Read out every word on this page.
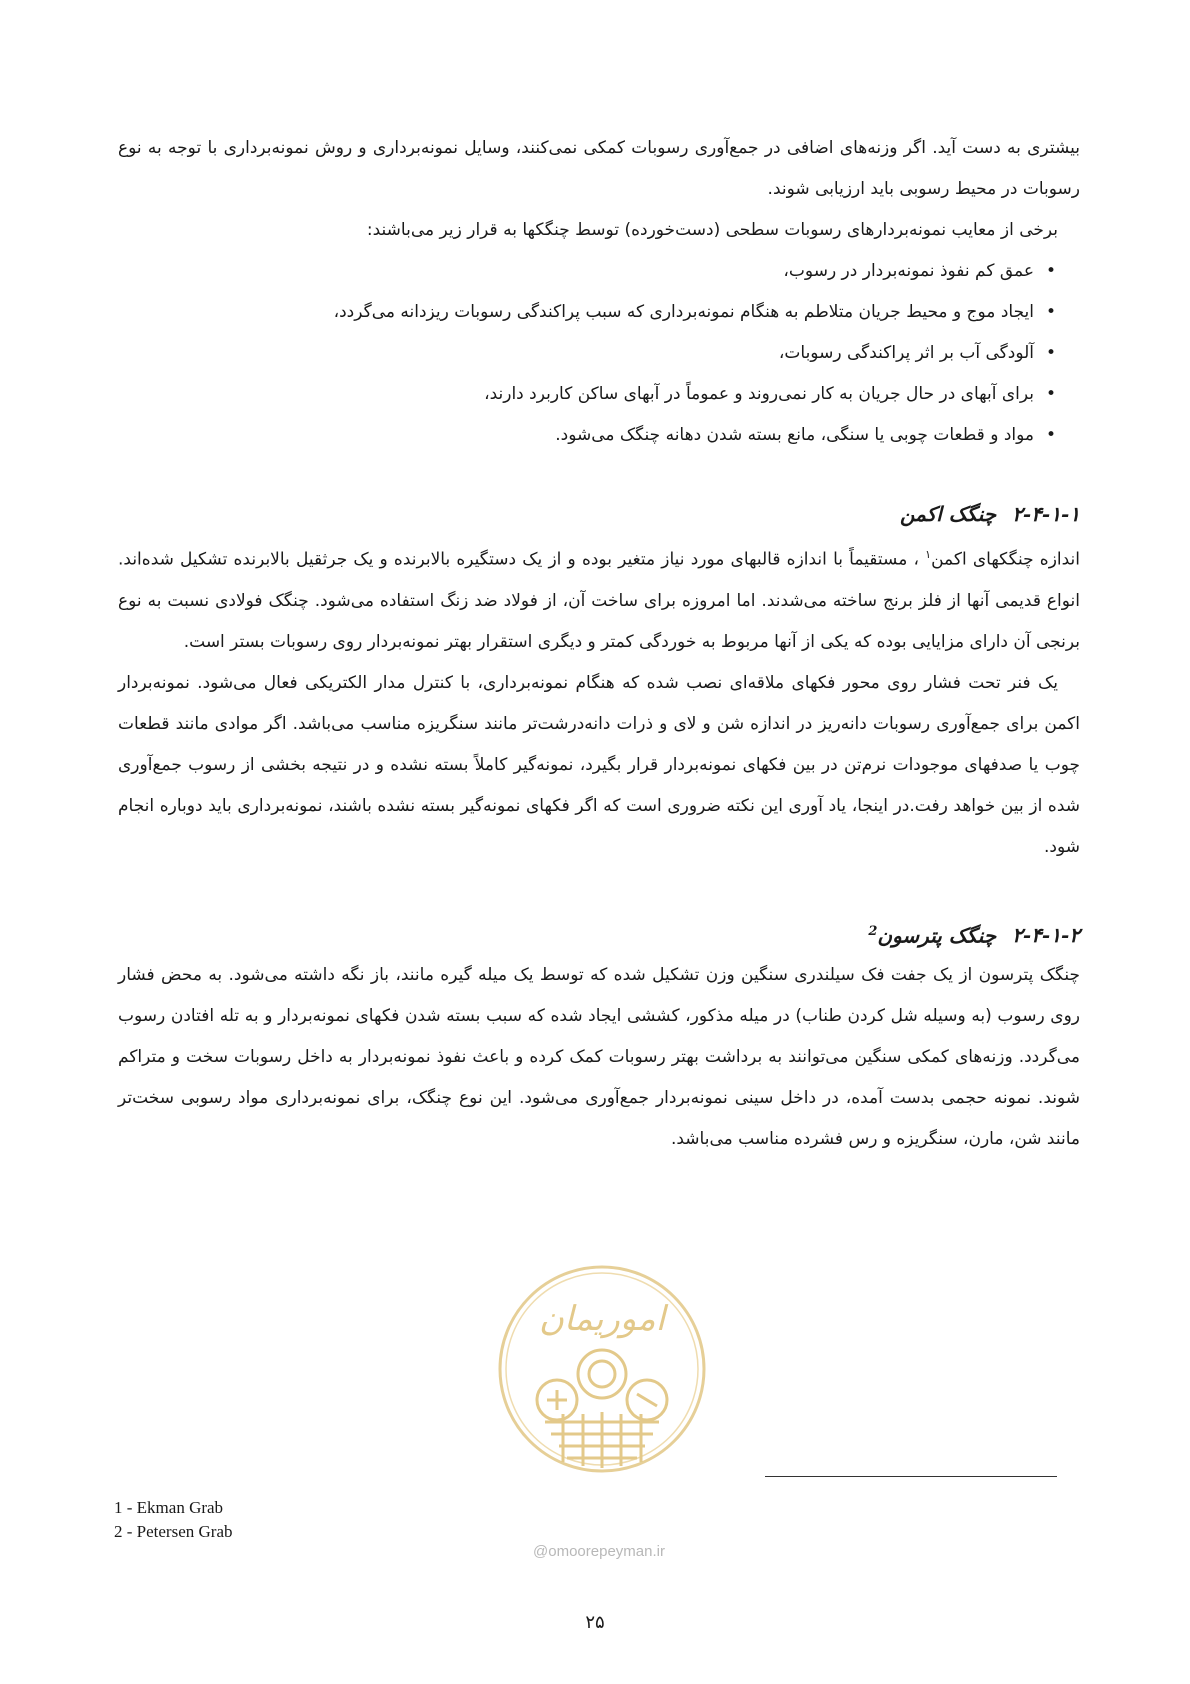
بیشتری به دست آید. اگر وزنه‌های اضافی در جمع‌آوری رسوبات کمکی نمی‌کنند، وسایل نمونه‌برداری و روش نمونه‌برداری با توجه به نوع رسوبات در محیط رسوبی باید ارزیابی شوند.

برخی از معایب نمونه‌بردارهای رسوبات سطحی (دست‌خورده) توسط چنگکها به قرار زیر می‌باشند:

• عمق کم نفوذ نمونه‌بردار در رسوب،
• ایجاد موج و محیط جریان متلاطم به هنگام نمونه‌برداری که سبب پراکندگی رسوبات ریزدانه می‌گردد،
• آلودگی آب بر اثر پراکندگی رسوبات،
• برای آبهای در حال جریان به کار نمی‌روند و عموماً در آبهای ساکن کاربرد دارند،
• مواد و قطعات چوبی یا سنگی، مانع بسته شدن دهانه چنگک می‌شود.
۲-۴-۱-۱چنگک اکمن

اندازه چنگکهای اکمن$^۱$ ، مستقیماً با اندازه قالبهای مورد نیاز متغیر بوده و از یک دستگیره بالابرنده و یک جرثقیل بالابرنده تشکیل شده‌اند. انواع قدیمی آنها از فلز برنج ساخته می‌شدند. اما امروزه برای ساخت آن، از فولاد ضد زنگ استفاده می‌شود. چنگک فولادی نسبت به نوع برنجی آن دارای مزایایی بوده که یکی از آنها مربوط به خوردگی کمتر و دیگری استقرار بهتر نمونه‌بردار روی رسوبات بستر است.

یک فنر تحت فشار روی محور فکهای ملاقه‌ای نصب شده که هنگام نمونه‌برداری، با کنترل مدار الکتریکی فعال می‌شود. نمونه‌بردار اکمن برای جمع‌آوری رسوبات دانه‌ریز در اندازه شن و لای و ذرات دانه‌درشت‌تر مانند سنگریزه مناسب می‌باشد. اگر موادی مانند قطعات چوب یا صدفهای موجودات نرم‌تن در بین فکهای نمونه‌بردار قرار بگیرد، نمونه‌گیر کاملاً بسته نشده و در نتیجه بخشی از رسوب جمع‌آوری شده از بین خواهد رفت.در اینجا، یاد آوری این نکته ضروری است که اگر فکهای نمونه‌گیر بسته نشده باشند، نمونه‌برداری باید دوباره انجام شود.

۲-۴-۱-۲چنگک پترسون$^2$

چنگک پترسون از یک جفت فک سیلندری سنگین وزن تشکیل شده که توسط یک میله گیره مانند، باز نگه داشته می‌شود. به محض فشار روی رسوب (به وسیله شل کردن طناب) در میله مذکور، کششی ایجاد شده که سبب بسته شدن فکهای نمونه‌بردار و به تله افتادن رسوب می‌گردد. وزنه‌های کمکی سنگین می‌توانند به برداشت بهتر رسوبات کمک کرده و باعث نفوذ نمونه‌بردار به داخل رسوبات سخت و متراکم شوند. نمونه حجمی بدست آمده، در داخل سینی نمونه‌بردار جمع‌آوری می‌شود. این نوع چنگک، برای نمونه‌برداری مواد رسوبی سخت‌تر مانند شن، مارن، سنگریزه و رس فشرده مناسب می‌باشد.

اموریمان
@omoorepeyman.ir
1 - Ekman Grab
2 - Petersen Grab
۲۵
